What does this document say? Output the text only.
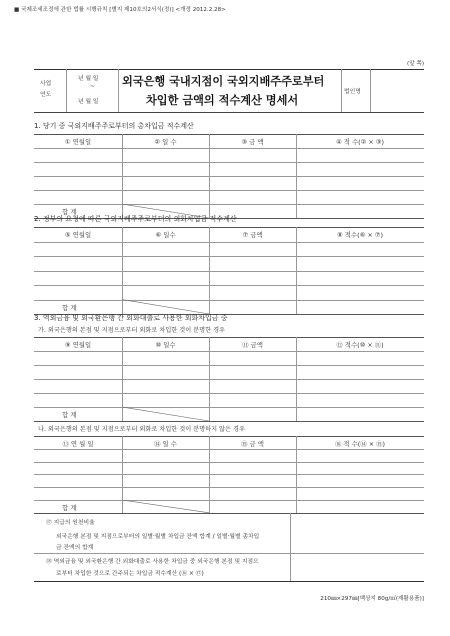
■ 국제조세조정에 관한 법률 시행규칙 [별지 제10호의2서식(정)] <개정 2012.2.28>
(앞 쪽)
사업
연도
년 월 일
~
년 월 일
외국은행 국내지점이 국외지배주주로부터
차입한 금액의 적수계산 명세서
법인명
1. 당기 중 국외지배주주로부터의 총차입금 적수계산
① 연월일	② 일 수	③ 금 액	④ 적 수(② × ③)
합 계
2. 정부의 요청에 따른 국외지배주주로부터의 외화차입금 적수계산
⑤ 연월일	⑥ 일수	⑦ 금액	⑧ 적수(⑥ × ⑦)
합 계
3. 역외금융 및 외국환은행 간 외화대출로 사용한 외화차입금 중
가. 외국은행의 본점 및 지점으로부터 외화로 차입한 것이 분명한 경우
⑨ 연월일	⑩ 일수	⑪ 금액	⑫ 적수(⑩ × ⑪)
합 계
나. 외국은행의 본점 및 지점으로부터 외화로 차입한 것이 분명하지 않은 경우
⑬ 연 월 일	⑭ 일 수	⑮ 금 액	⑯ 적 수(⑭ × ⑮)
합 계
⑰ 지급의 원천비율
외국은행 본점 및 지점으로부터의 일별·월별 차입금 잔액 합계 / 일별·월별 총차입
금 잔액의 합계
⑱ 역외금융 및 외국환은행 간 외화대출로 사용한 차입금 중 외국은행 본점 및 지점으
로부터 차입한 것으로 간주되는 차입금 적수계산 (⑯ × ⑰)
210㎜×297㎜[백상지 80g/㎡(재활용품)]
